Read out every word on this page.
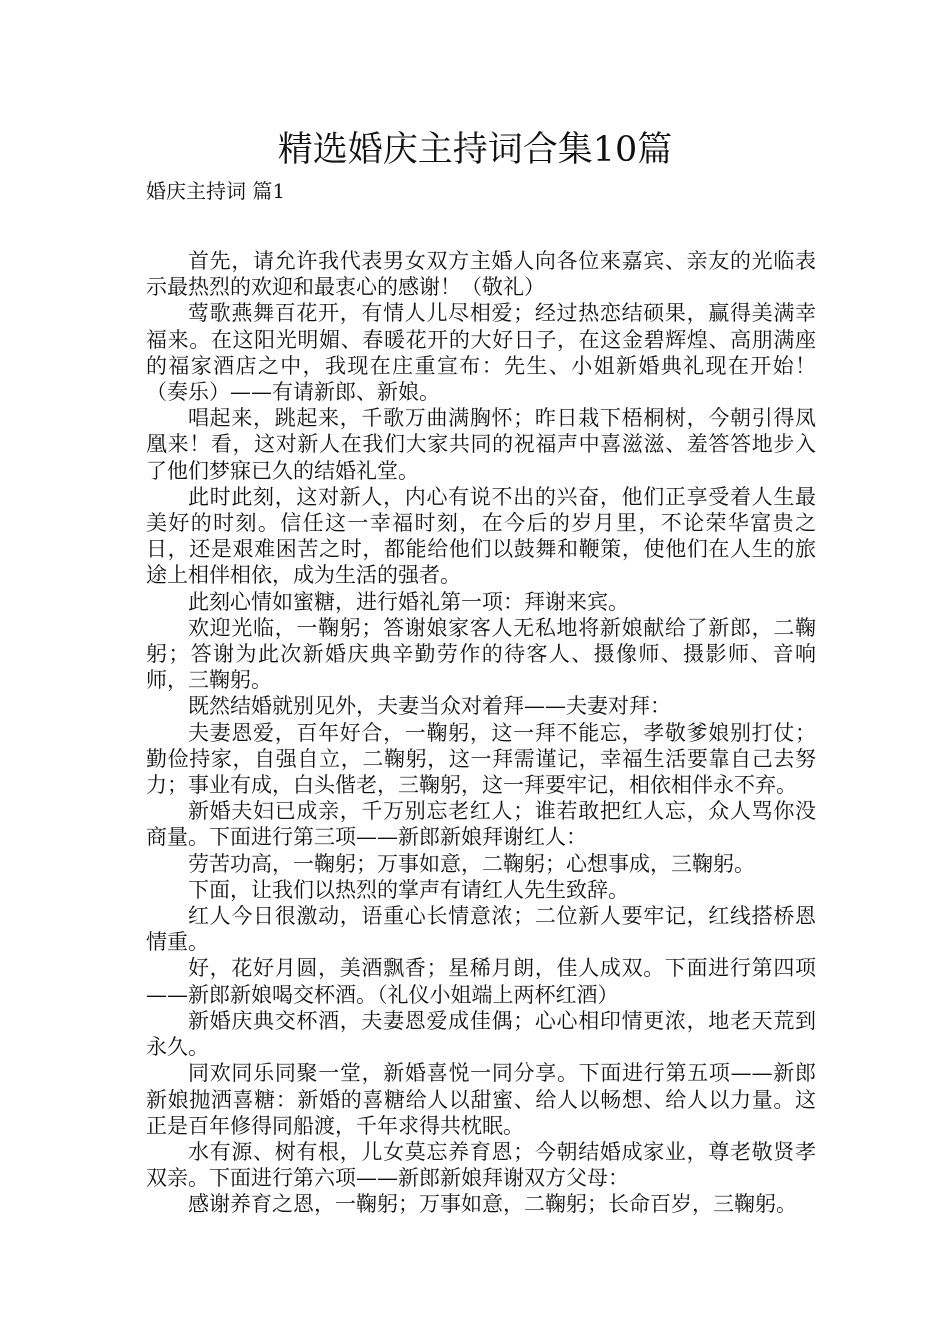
精选婚庆主持词合集10篇
婚庆主持词 篇1

首先，请允许我代表男女双方主婚人向各位来嘉宾、亲友的光临表示最热烈的欢迎和最衷心的感谢！（敬礼）

莺歌燕舞百花开，有情人儿尽相爱；经过热恋结硕果，赢得美满幸福来。在这阳光明媚、春暖花开的大好日子，在这金碧辉煌、高朋满座的福家酒店之中，我现在庄重宣布：先生、小姐新婚典礼现在开始！（奏乐）——有请新郎、新娘。

唱起来，跳起来，千歌万曲满胸怀；昨日栽下梧桐树，今朝引得凤凰来！看，这对新人在我们大家共同的祝福声中喜滋滋、羞答答地步入了他们梦寐已久的结婚礼堂。

此时此刻，这对新人，内心有说不出的兴奋，他们正享受着人生最美好的时刻。信任这一幸福时刻，在今后的岁月里，不论荣华富贵之日，还是艰难困苦之时，都能给他们以鼓舞和鞭策，使他们在人生的旅途上相伴相依，成为生活的强者。

此刻心情如蜜糖，进行婚礼第一项：拜谢来宾。

欢迎光临，一鞠躬；答谢娘家客人无私地将新娘献给了新郎，二鞠躬；答谢为此次新婚庆典辛勤劳作的待客人、摄像师、摄影师、音响师，三鞠躬。

既然结婚就别见外，夫妻当众对着拜——夫妻对拜：

夫妻恩爱，百年好合，一鞠躬，这一拜不能忘，孝敬爹娘别打仗；勤俭持家，自强自立，二鞠躬，这一拜需谨记，幸福生活要靠自己去努力；事业有成，白头偕老，三鞠躬，这一拜要牢记，相依相伴永不弃。

新婚夫妇已成亲，千万别忘老红人；谁若敢把红人忘，众人骂你没商量。下面进行第三项——新郎新娘拜谢红人：

劳苦功高，一鞠躬；万事如意，二鞠躬；心想事成，三鞠躬。

下面，让我们以热烈的掌声有请红人先生致辞。

红人今日很激动，语重心长情意浓；二位新人要牢记，红线搭桥恩情重。

好，花好月圆，美酒飘香；星稀月朗，佳人成双。下面进行第四项——新郎新娘喝交杯酒。（礼仪小姐端上两杯红酒）

新婚庆典交杯酒，夫妻恩爱成佳偶；心心相印情更浓，地老天荒到永久。

同欢同乐同聚一堂，新婚喜悦一同分享。下面进行第五项——新郎新娘抛洒喜糖：新婚的喜糖给人以甜蜜、给人以畅想、给人以力量。这正是百年修得同船渡，千年求得共枕眠。

水有源、树有根，儿女莫忘养育恩；今朝结婚成家业，尊老敬贤孝双亲。下面进行第六项——新郎新娘拜谢双方父母：

感谢养育之恩，一鞠躬；万事如意，二鞠躬；长命百岁，三鞠躬。
